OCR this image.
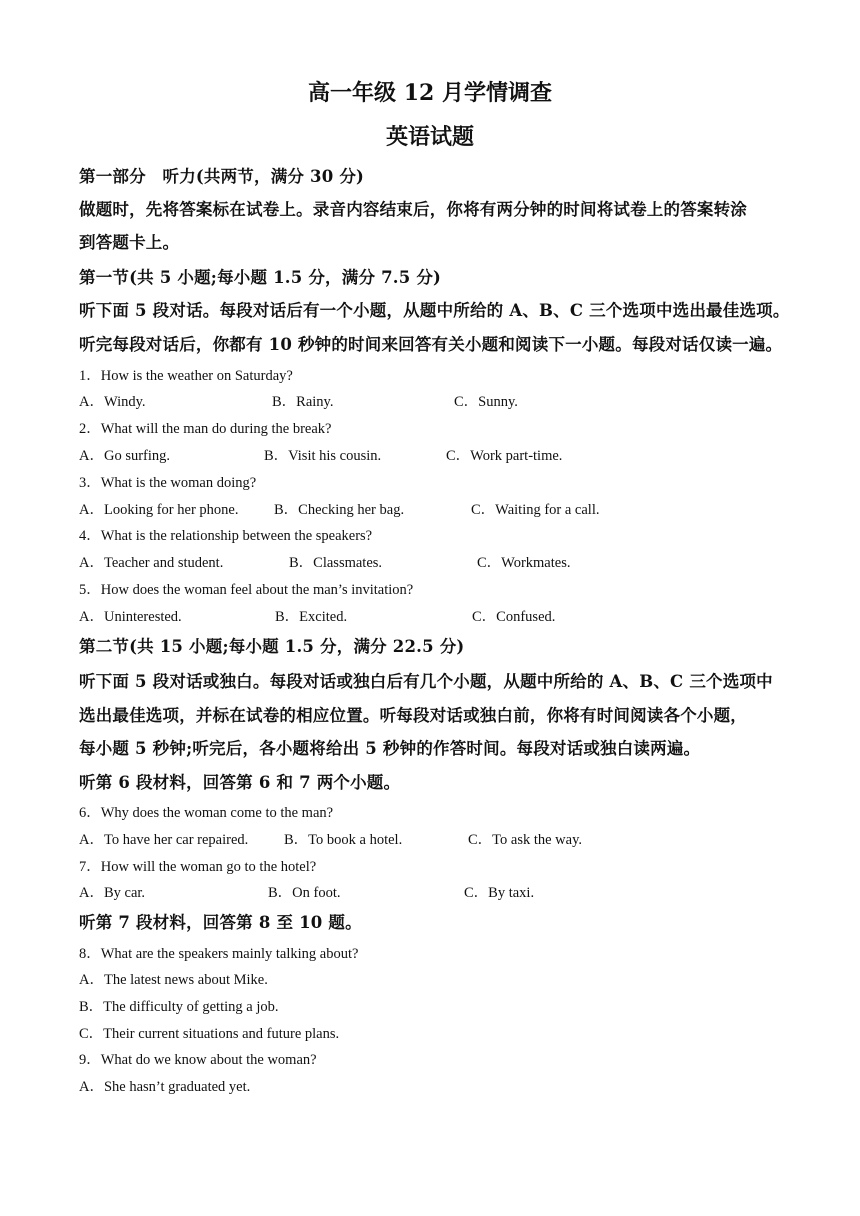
高一年级 12 月学情调查
英语试题
第一部分　听力(共两节，满分 30 分)
做题时，先将答案标在试卷上。录音内容结束后，你将有两分钟的时间将试卷上的答案转涂
到答题卡上。
第一节(共 5 小题;每小题 1.5 分，满分 7.5 分)
听下面 5 段对话。每段对话后有一个小题，从题中所给的 A、B、C 三个选项中选出最佳选项。
听完每段对话后，你都有 10 秒钟的时间来回答有关小题和阅读下一小题。每段对话仅读一遍。
1．How is the weather on Saturday?
A．Windy.	B．Rainy.	C．Sunny.
2．What will the man do during the break?
A．Go surfing.	B．Visit his cousin.	C．Work part-time.
3．What is the woman doing?
A．Looking for her phone. B．Checking her bag.	C．Waiting for a call.
4．What is the relationship between the speakers?
A．Teacher and student.	B．Classmates.	C．Workmates.
5．How does the woman feel about the man’s invitation?
A．Uninterested.	B．Excited.	C．Confused.
第二节(共 15 小题;每小题 1.5 分，满分 22.5 分)
听下面 5 段对话或独白。每段对话或独白后有几个小题，从题中所给的 A、B、C 三个选项中
选出最佳选项，并标在试卷的相应位置。听每段对话或独白前，你将有时间阅读各个小题，
每小题 5 秒钟;听完后，各小题将给出 5 秒钟的作答时间。每段对话或独白读两遍。
听第 6 段材料，回答第 6 和 7 两个小题。
6．Why does the woman come to the man?
A．To have her car repaired. B．To book a hotel.	C．To ask the way.
7．How will the woman go to the hotel?
A．By car.	B．On foot.	C．By taxi.
听第 7 段材料，回答第 8 至 10 题。
8．What are the speakers mainly talking about?
A．The latest news about Mike.
B．The difficulty of getting a job.
C．Their current situations and future plans.
9．What do we know about the woman?
A．She hasn’t graduated yet.
